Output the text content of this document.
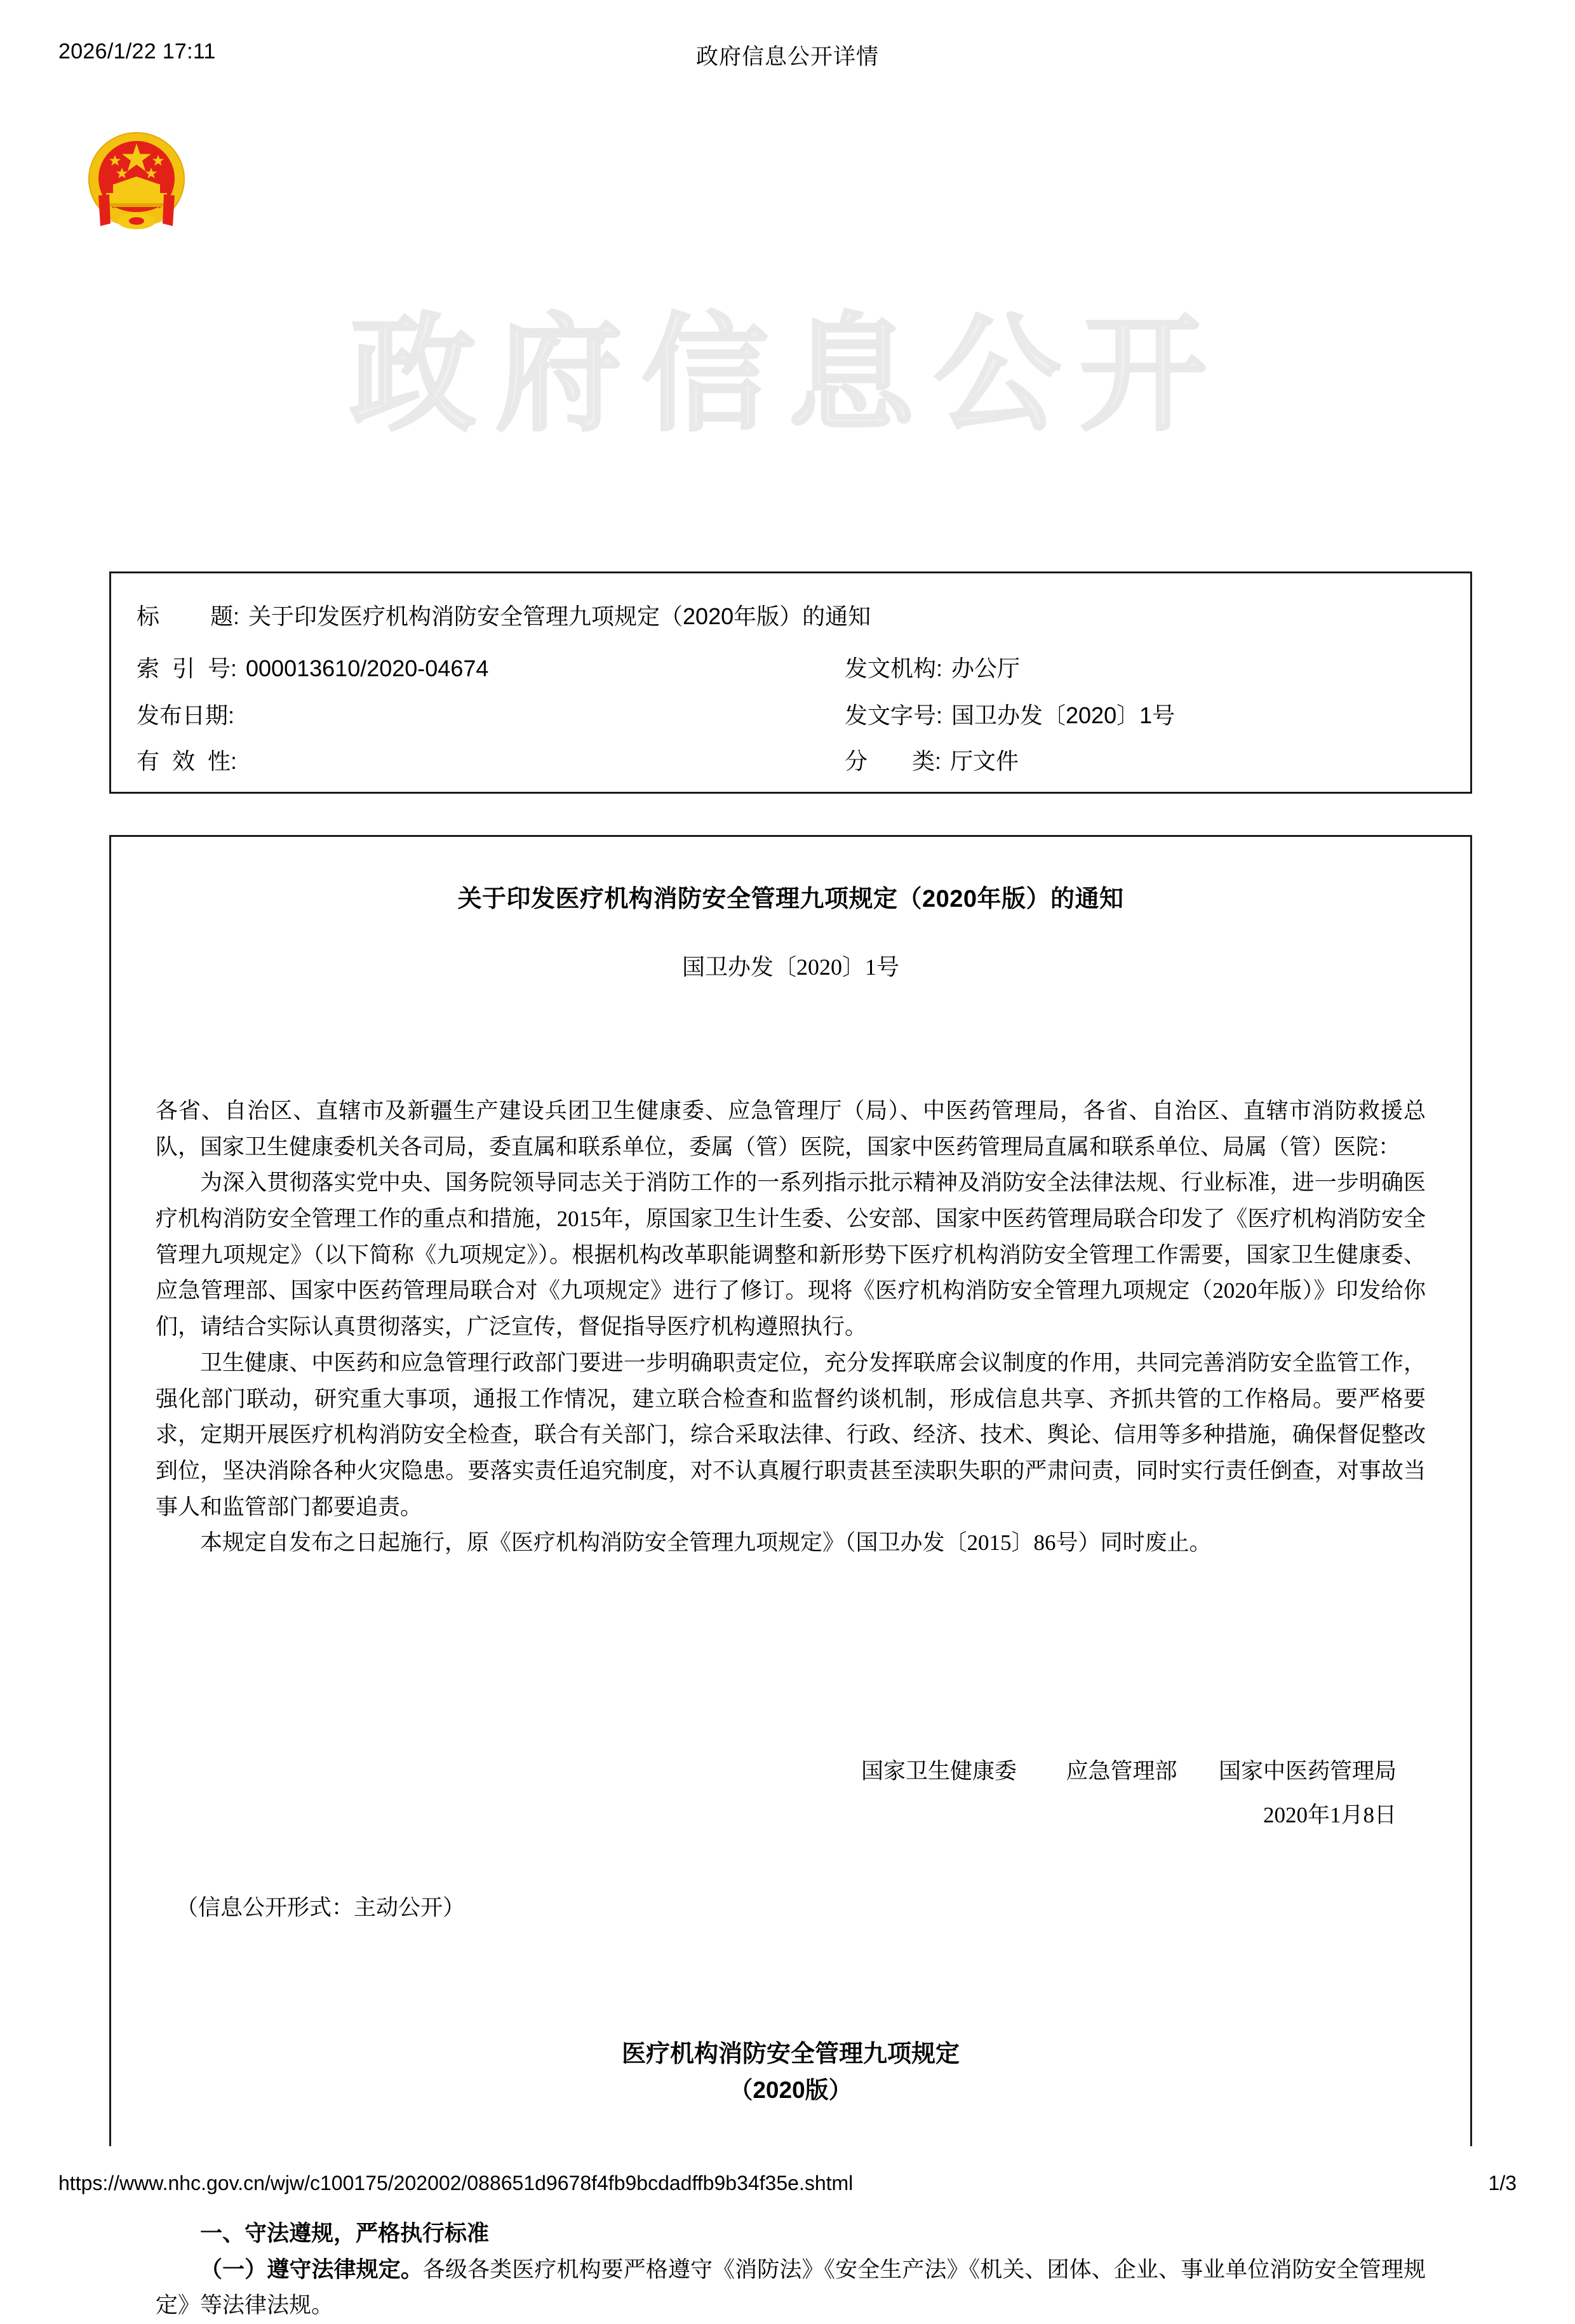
2026/1/22 17:11	政府信息公开详情
政府信息公开
标        题: 关于印发医疗机构消防安全管理九项规定（2020年版）的通知
索  引  号: 000013610/2020-04674	发文机构: 办公厅
发布日期:	发文字号: 国卫办发〔2020〕1号
有  效  性:	分       类: 厅文件
关于印发医疗机构消防安全管理九项规定（2020年版）的通知
国卫办发〔2020〕1号

各省、自治区、直辖市及新疆生产建设兵团卫生健康委、应急管理厅（局）、中医药管理局，各省、自治区、直辖市消防救援总队，国家卫生健康委机关各司局，委直属和联系单位，委属（管）医院，国家中医药管理局直属和联系单位、局属（管）医院：

为深入贯彻落实党中央、国务院领导同志关于消防工作的一系列指示批示精神及消防安全法律法规、行业标准，进一步明确医疗机构消防安全管理工作的重点和措施，2015年，原国家卫生计生委、公安部、国家中医药管理局联合印发了《医疗机构消防安全管理九项规定》（以下简称《九项规定》）。根据机构改革职能调整和新形势下医疗机构消防安全管理工作需要，国家卫生健康委、应急管理部、国家中医药管理局联合对《九项规定》进行了修订。现将《医疗机构消防安全管理九项规定（2020年版）》印发给你们，请结合实际认真贯彻落实，广泛宣传，督促指导医疗机构遵照执行。

卫生健康、中医药和应急管理行政部门要进一步明确职责定位，充分发挥联席会议制度的作用，共同完善消防安全监管工作，强化部门联动，研究重大事项，通报工作情况，建立联合检查和监督约谈机制，形成信息共享、齐抓共管的工作格局。要严格要求，定期开展医疗机构消防安全检查，联合有关部门，综合采取法律、行政、经济、技术、舆论、信用等多种措施，确保督促整改到位，坚决消除各种火灾隐患。要落实责任追究制度，对不认真履行职责甚至渎职失职的严肃问责，同时实行责任倒查，对事故当事人和监管部门都要追责。

本规定自发布之日起施行，原《医疗机构消防安全管理九项规定》（国卫办发〔2015〕86号）同时废止。

国家卫生健康委 应急管理部 国家中医药管理局
2020年1月8日
（信息公开形式：主动公开）
医疗机构消防安全管理九项规定
（2020版）

一、守法遵规，严格执行标准

（一）遵守法律规定。各级各类医疗机构要严格遵守《消防法》《安全生产法》《机关、团体、企业、事业单位消防安全管理规定》等法律法规。

https://www.nhc.gov.cn/wjw/c100175/202002/088651d9678f4fb9bcdadffb9b34f35e.shtml	1/3
